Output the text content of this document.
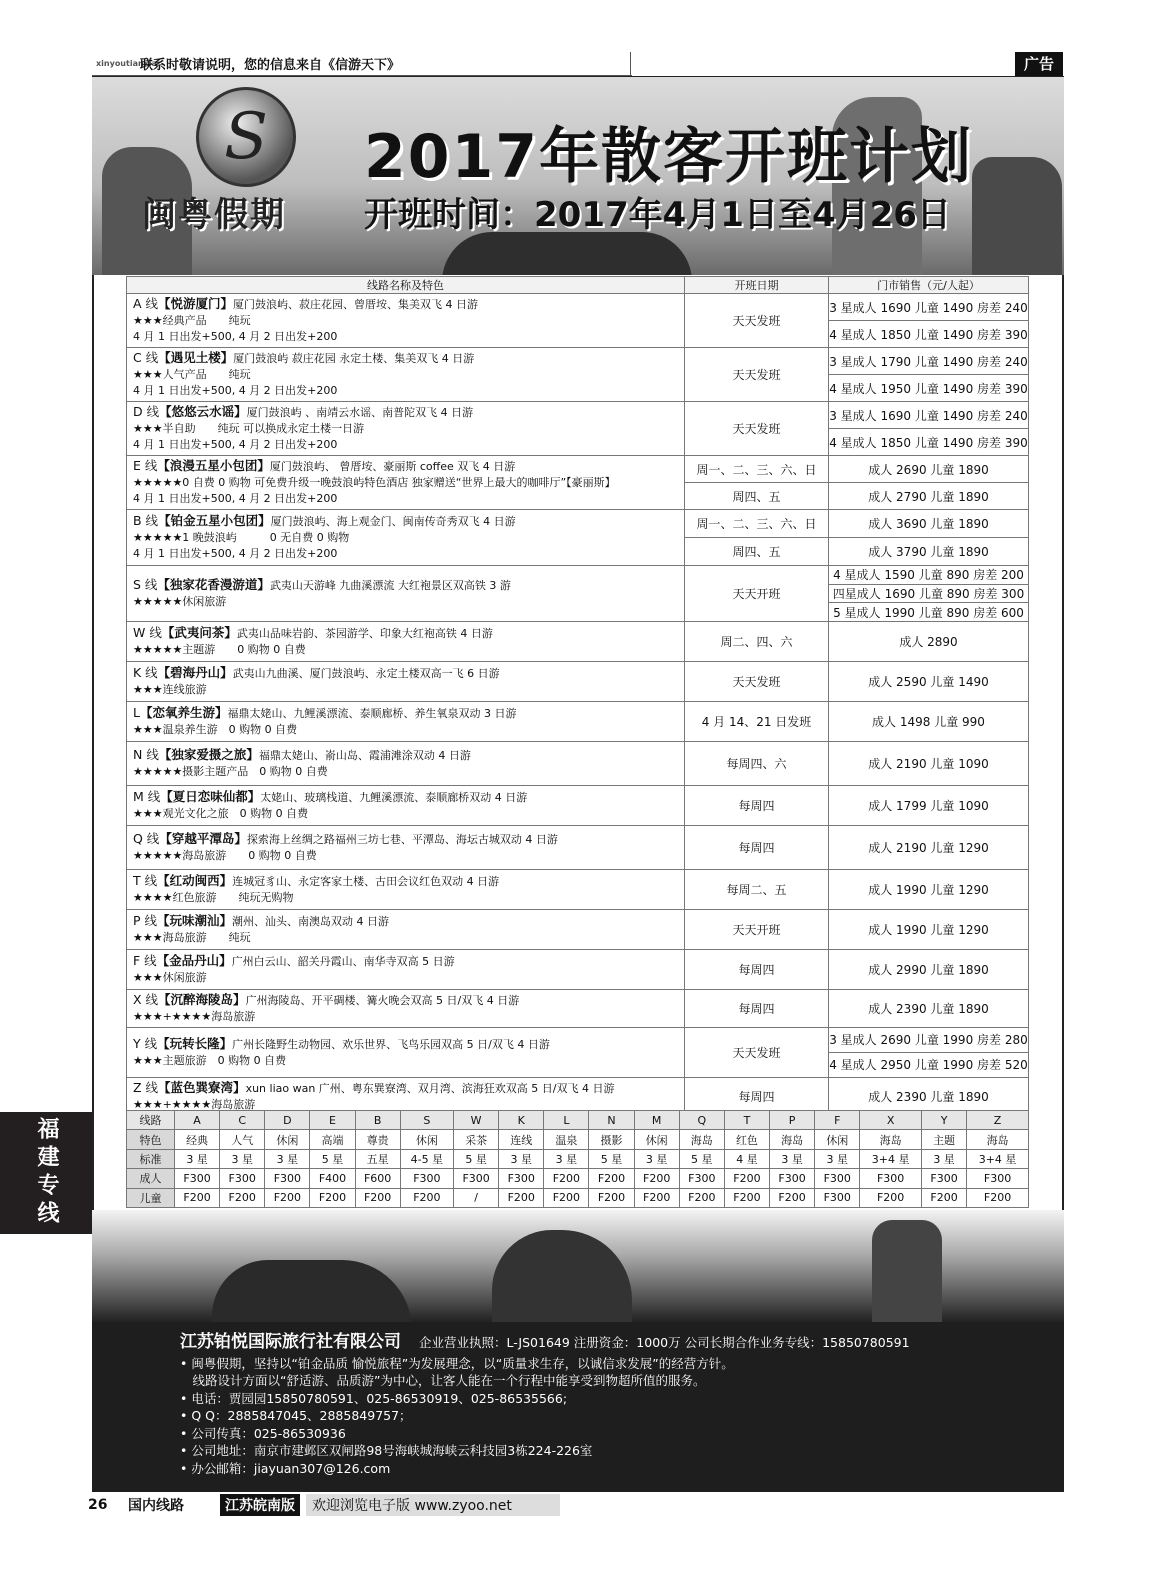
xinyoutianxia
联系时敬请说明，您的信息来自《信游天下》	广告
S
闽粤假期
2017年散客开班计划
开班时间：2017年4月1日至4月26日
线路名称及特色	开班日期	门市销售（元/人起）

A 线【悦游厦门】厦门鼓浪屿、菽庄花园、曾厝垵、集美双飞 4 日游
★★★经典产品　　纯玩
4 月 1 日出发+500, 4 月 2 日出发+200	天天发班	3 星成人 1690 儿童 1490 房差 240
		4 星成人 1850 儿童 1490 房差 390

C 线【遇见土楼】厦门鼓浪屿 菽庄花园 永定土楼、集美双飞 4 日游
★★★人气产品　　纯玩
4 月 1 日出发+500, 4 月 2 日出发+200	天天发班	3 星成人 1790 儿童 1490 房差 240
		4 星成人 1950 儿童 1490 房差 390

D 线【悠悠云水谣】厦门鼓浪屿 、南靖云水谣、南普陀双飞 4 日游
★★★半自助　　纯玩 可以换成永定土楼一日游
4 月 1 日出发+500, 4 月 2 日出发+200	天天发班	3 星成人 1690 儿童 1490 房差 240
		4 星成人 1850 儿童 1490 房差 390

E 线【浪漫五星小包团】厦门鼓浪屿、 曾厝垵、豪丽斯 coffee 双飞 4 日游
★★★★★0 自费 0 购物 可免费升级一晚鼓浪屿特色酒店 独家赠送“世界上最大的咖啡厅”【豪丽斯】
4 月 1 日出发+500, 4 月 2 日出发+200	周一、二、三、六、日	成人 2690 儿童 1890
	周四、五	成人 2790 儿童 1890

B 线【铂金五星小包团】厦门鼓浪屿、海上观金门、闽南传奇秀双飞 4 日游
★★★★★1 晚鼓浪屿　　　0 无自费 0 购物
4 月 1 日出发+500, 4 月 2 日出发+200	周一、二、三、六、日	成人 3690 儿童 1890
	周四、五	成人 3790 儿童 1890

S 线【独家花香漫游道】武夷山天游峰 九曲溪漂流 大红袍景区双高铁 3 游
★★★★★休闲旅游	天天开班	4 星成人 1590 儿童 890 房差 200
		四星成人 1690 儿童 890 房差 300
		5 星成人 1990 儿童 890 房差 600

W 线【武夷问茶】武夷山品味岩韵、茶园游学、印象大红袍高铁 4 日游
★★★★★主题游　　0 购物 0 自费	周二、四、六	成人 2890

K 线【碧海丹山】武夷山九曲溪、厦门鼓浪屿、永定土楼双高一飞 6 日游
★★★连线旅游	天天发班	成人 2590 儿童 1490

L【恋氧养生游】福鼎太姥山、九鲤溪漂流、泰顺廊桥、养生氧泉双动 3 日游
★★★温泉养生游　0 购物 0 自费	4 月 14、21 日发班	成人 1498 儿童 990

N 线【独家爱摄之旅】福鼎太姥山、嵛山岛、霞浦滩涂双动 4 日游
★★★★★摄影主题产品　0 购物 0 自费	每周四、六	成人 2190 儿童 1090

M 线【夏日恋味仙都】太姥山、玻璃栈道、九鲤溪漂流、泰顺廊桥双动 4 日游
★★★观光文化之旅　0 购物 0 自费	每周四	成人 1799 儿童 1090

Q 线【穿越平潭岛】探索海上丝绸之路福州三坊七巷、平潭岛、海坛古城双动 4 日游
★★★★★海岛旅游　　0 购物 0 自费	每周四	成人 2190 儿童 1290

T 线【红动闽西】连城冠豸山、永定客家土楼、古田会议红色双动 4 日游
★★★★红色旅游　　纯玩无购物	每周二、五	成人 1990 儿童 1290

P 线【玩味潮汕】潮州、汕头、南澳岛双动 4 日游
★★★海岛旅游　　纯玩	天天开班	成人 1990 儿童 1290

F 线【金品丹山】广州白云山、韶关丹霞山、南华寺双高 5 日游
★★★休闲旅游	每周四	成人 2990 儿童 1890

X 线【沉醉海陵岛】广州海陵岛、开平碉楼、篝火晚会双高 5 日/双飞 4 日游
★★★+★★★★海岛旅游	每周四	成人 2390 儿童 1890

Y 线【玩转长隆】广州长隆野生动物园、欢乐世界、飞鸟乐园双高 5 日/双飞 4 日游
★★★主题旅游　0 购物 0 自费	天天发班	3 星成人 2690 儿童 1990 房差 280
		4 星成人 2950 儿童 1990 房差 520

Z 线【蓝色巽寮湾】xun liao wan 广州、粤东巽寮湾、双月湾、滨海狂欢双高 5 日/双飞 4 日游
★★★+★★★★海岛旅游	每周四	成人 2390 儿童 1890
福建专线	线路	A	C	D	E	B	S	W	K	L	N	M	Q	T	P	F	X	Y	Z
特色	经典	人气	休闲	高端	尊贵	休闲	采茶	连线	温泉	摄影	休闲	海岛	红色	海岛	休闲	海岛	主题	海岛
标准	3 星	3 星	3 星	5 星	五星	4-5 星	5 星	3 星	3 星	5 星	3 星	5 星	4 星	3 星	3 星	3+4 星	3 星	3+4 星
成人	F300	F300	F300	F400	F600	F300	F300	F300	F200	F200	F200	F300	F200	F300	F300	F300	F300	F300
儿童	F200	F200	F200	F200	F200	F200	/	F200	F200	F200	F200	F200	F200	F200	F300	F200	F200	F200
江苏铂悦国际旅行社有限公司 企业营业执照：L-JS01649 注册资金：1000万 公司长期合作业务专线：15850780591
• 闽粤假期，坚持以“铂金品质 愉悦旅程”为发展理念，以“质量求生存，以诚信求发展”的经营方针。
　线路设计方面以“舒适游、品质游”为中心，让客人能在一个行程中能享受到物超所值的服务。
• 电话：贾园园15850780591、025-86530919、025-86535566;
• Q Q：2885847045、2885849757；
• 公司传真：025-86530936
• 公司地址：南京市建邺区双闸路98号海峡城海峡云科技园3栋224-226室
• 办公邮箱：jiayuan307@126.com
26	国内线路	江苏皖南版	欢迎浏览电子版 www.zyoo.net
